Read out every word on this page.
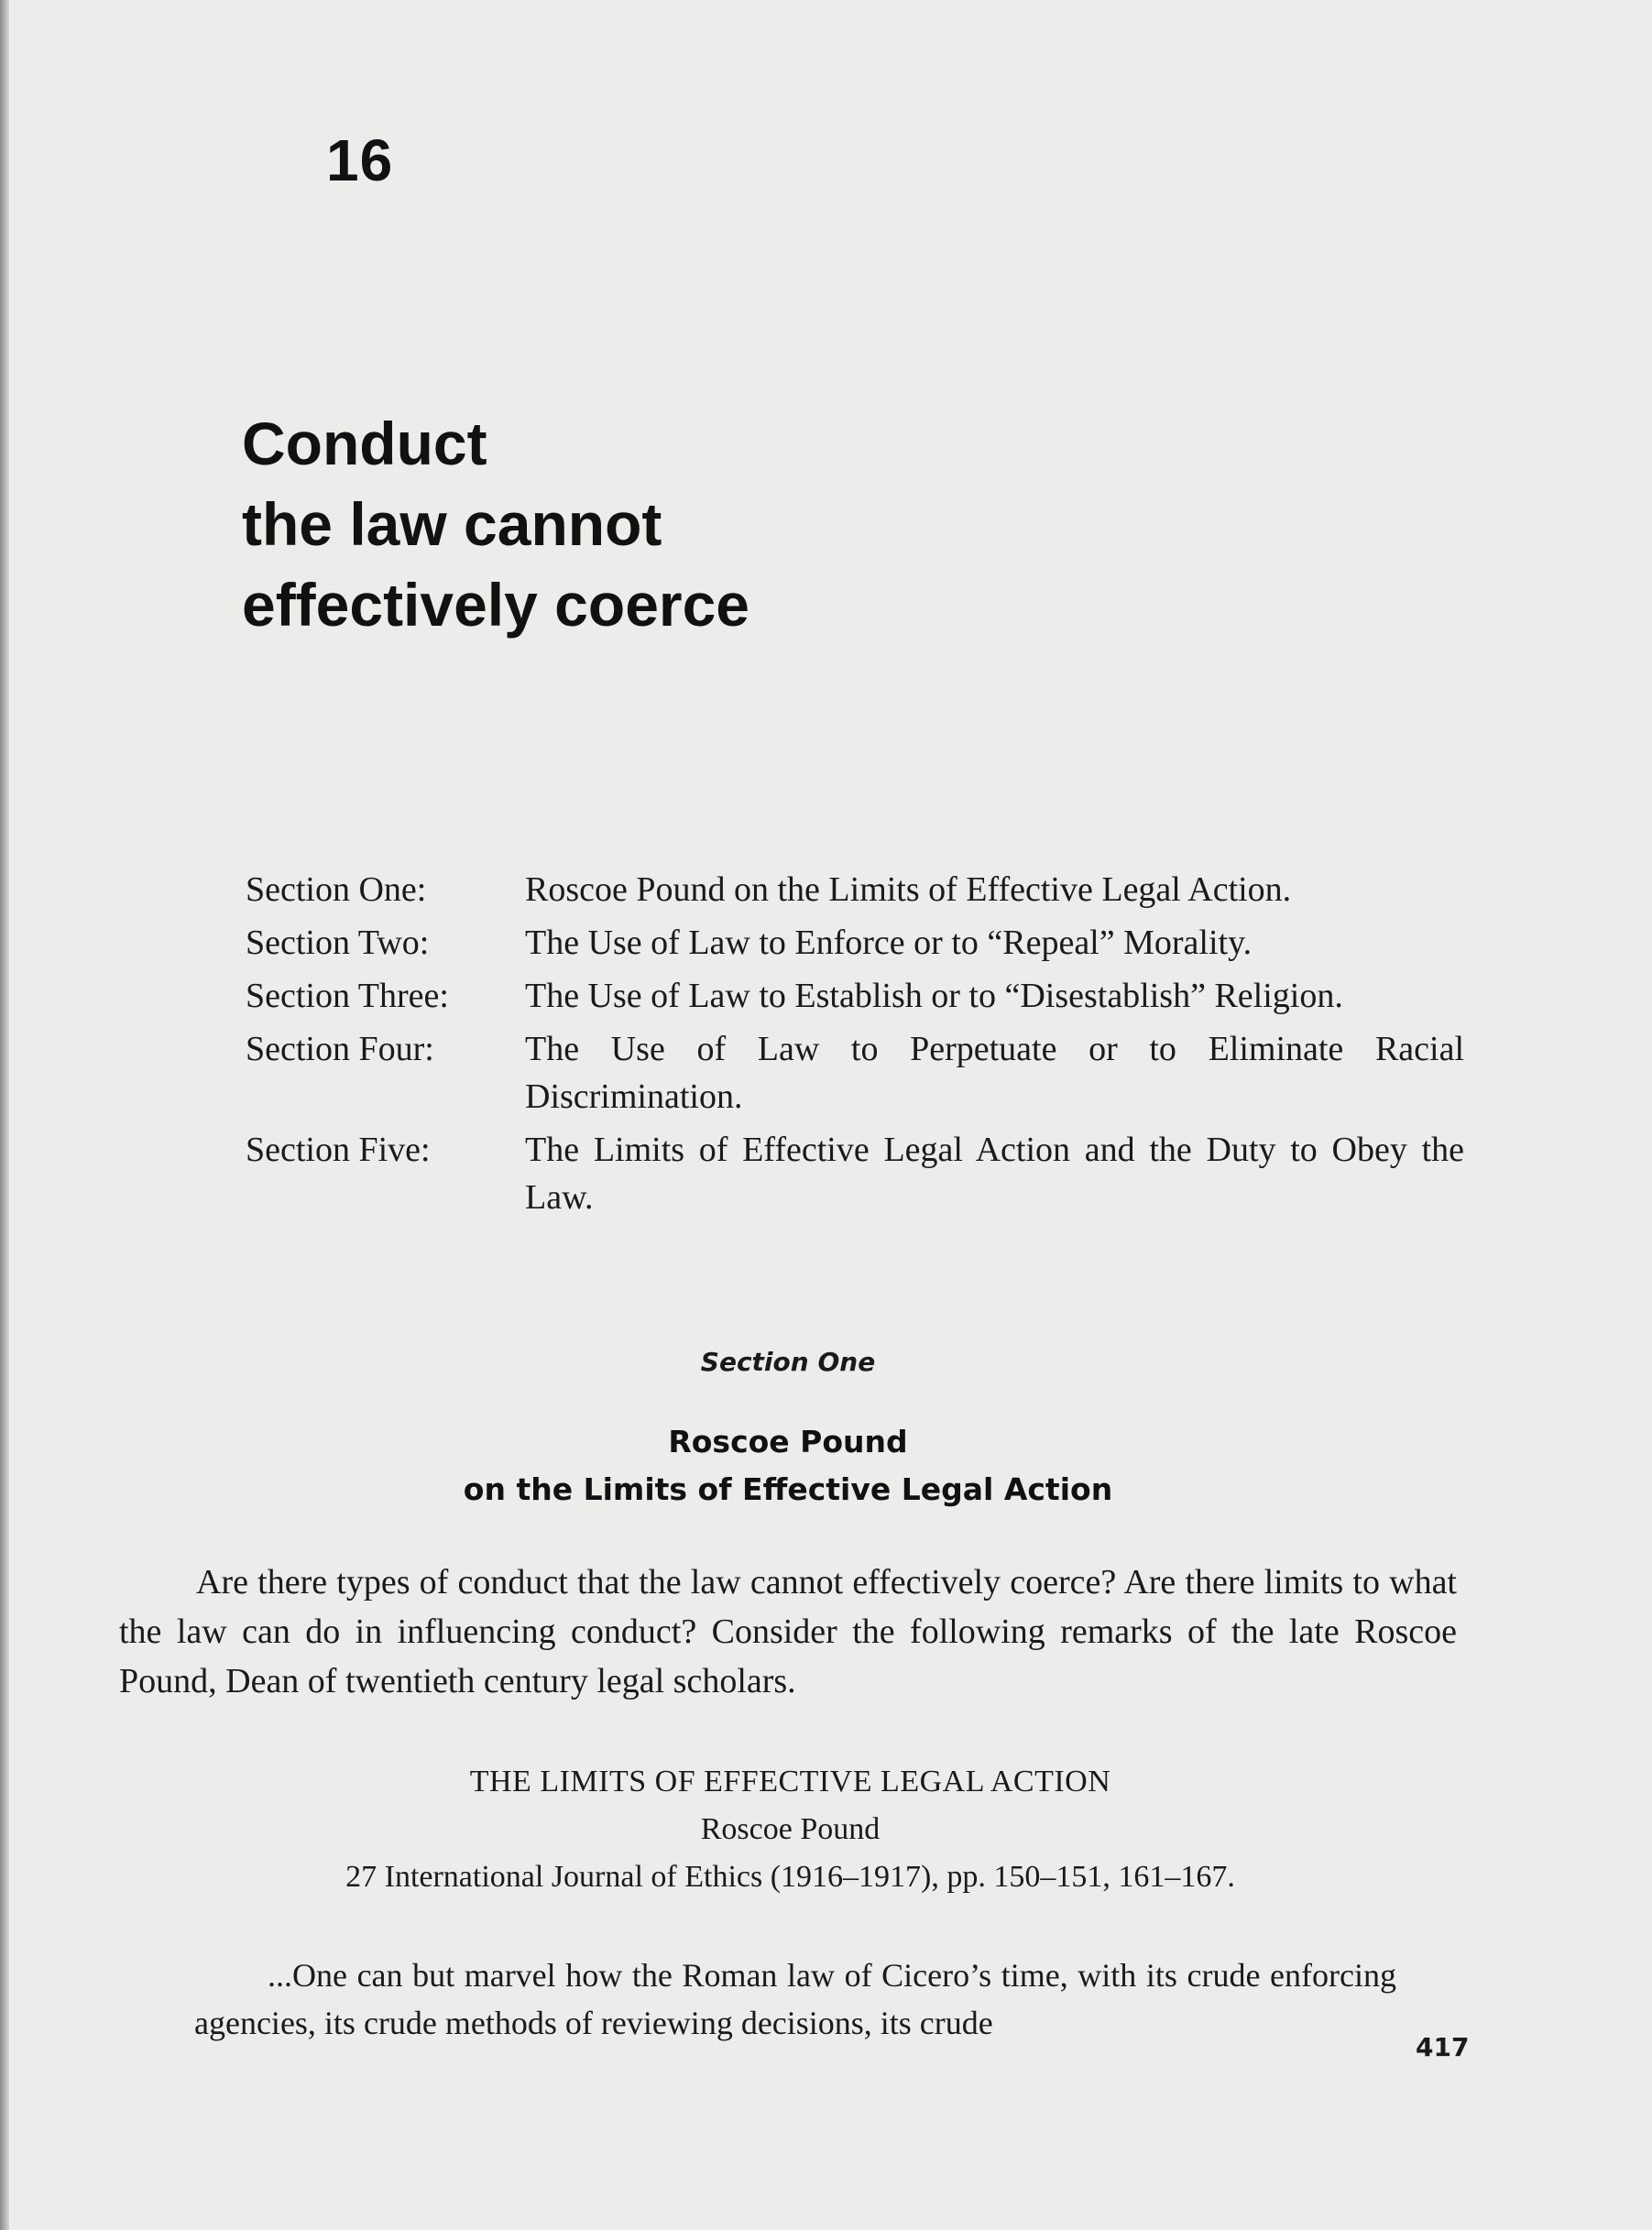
16
Conduct
the law cannot
effectively coerce
Section One:	Roscoe Pound on the Limits of Effective Legal Action.
Section Two:	The Use of Law to Enforce or to “Repeal” Morality.
Section Three:	The Use of Law to Establish or to “Disestablish” Religion.
Section Four:	The Use of Law to Perpetuate or to Eliminate Racial Discrimination.
Section Five:	The Limits of Effective Legal Action and the Duty to Obey the Law.
Section One
Roscoe Pound
on the Limits of Effective Legal Action
Are there types of conduct that the law cannot effectively coerce? Are there limits to what the law can do in influencing conduct? Consider the following remarks of the late Roscoe Pound, Dean of twentieth century legal scholars.
THE LIMITS OF EFFECTIVE LEGAL ACTION
Roscoe Pound
27 International Journal of Ethics (1916–1917), pp. 150–151, 161–167.
...One can but marvel how the Roman law of Cicero’s time, with its crude enforcing agencies, its crude methods of reviewing decisions, its crude
417
